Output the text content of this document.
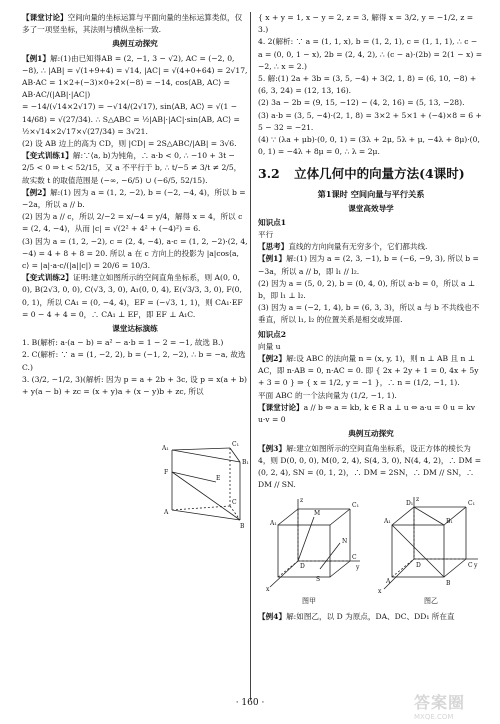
【课堂讨论】空间向量的坐标运算与平面向量的坐标运算类似，仅多了一项竖坐标，其法则与横纵坐标一致.

典例互动探究

【例1】解:(1)由已知得AB = (2, −1, 3 − √2), AC = (−2, 0, −8), ∴ |AB| = √(1+9+4) = √14, |AC| = √(4+0+64) = 2√17, AB·AC = 1×2+(−3)×0+2×(−8) = −14, cos⟨AB, AC⟩ = AB·AC/(|AB|·|AC|)

= −14/(√14×2√17) = −√14/(2√17), sin⟨AB, AC⟩ = √(1 − 14/68) = √(27/34). ∴ S△ABC = ½|AB|·|AC|·sin⟨AB, AC⟩ = ½×√14×2√17×√(27/34) = 3√21.

(2) 设 AB 边上的高为 CD，则 |CD| = 2S△ABC/|AB| = 3√6.

【变式训练1】解:∵⟨a, b⟩为钝角，∴ a·b < 0, ∴ −10 + 3t − 2/5 < 0 ⇒ t < 52/15，又 a 不平行于 b, ∴ t/−5 ≠ 3/t ≠ 2/5，故实数 t 的取值范围是 (−∞, −6/5) ∪ (−6/5, 52/15).

【例2】解:(1) 因为 a = (1, 2, −2), b = (−2, −4, 4)，所以 b = −2a，所以 a // b.

(2) 因为 a // c，所以 2/−2 = x/−4 = y/4，解得 x = 4，所以 c = (2, 4, −4)，从而 |c| = √(2² + 4² + (−4)²) = 6.

(3) 因为 a = (1, 2, −2), c = (2, 4, −4), a·c = (1, 2, −2)·(2, 4, −4) = 4 + 8 + 8 = 20. 所以 a 在 c 方向上的投影为 |a|cos⟨a, c⟩ = |a|·a·c/(|a||c|) = 20/6 = 10/3.

【变式训练2】证明:建立如图所示的空间直角坐标系，则 A(0, 0, 0), B(2√3, 0, 0), C(√3, 3, 0), A₁(0, 0, 4), E(√3/3, 3, 0), F(0, 0, 1)，所以 CA₁ = (0, −4, 4)，EF = (−√3, 1, 1)，则 CA₁·EF = 0 − 4 + 4 = 0，∴ CA₁ ⊥ EF，即 EF ⊥ A₁C.

课堂达标演练

1. B(解析: a·(a − b) = a² − a·b = 1 − 2 = −1, 故选 B.)

2. C(解析: ∵ a = (1, −2, 2), b = (−1, 2, −2), ∴ b = −a, 故选 C.)

3. (3/2, −1/2, 3)(解析: 因为 p = a + 2b + 3c, 设 p = x(a + b) + y(a − b) + zc = (x + y)a + (x − y)b + zc, 所以

A₁
C₁
B₁
E
F
A
C
B

{ x + y = 1, x − y = 2, z = 3, 解得 x = 3/2, y = −1/2, z = 3.)

4. 2(解析: ∵ a = (1, 1, x), b = (1, 2, 1), c = (1, 1, 1), ∴ c − a = (0, 0, 1 − x), 2b = (2, 4, 2), ∴ (c − a)·(2b) = 2(1 − x) = −2, ∴ x = 2.)

5. 解:(1) 2a + 3b = (3, 5, −4) + 3(2, 1, 8) = (6, 10, −8) + (6, 3, 24) = (12, 13, 16).

(2) 3a − 2b = (9, 15, −12) − (4, 2, 16) = (5, 13, −28).

(3) a·b = (3, 5, −4)·(2, 1, 8) = 3×2 + 5×1 + (−4)×8 = 6 + 5 − 32 = −21.

(4) ∵ (λa + μb)·(0, 0, 1) = (3λ + 2μ, 5λ + μ, −4λ + 8μ)·(0, 0, 1) = −4λ + 8μ = 0, ∴ λ = 2μ.

3.2 立体几何中的向量方法(4课时)
第1课时 空间向量与平行关系
课堂高效导学

知识点1

平行

【思考】直线的方向向量有无穷多个，它们都共线.

【例1】解:(1) 因为 a = (2, 3, −1), b = (−6, −9, 3), 所以 b = −3a，所以 a // b，即 l₁ // l₂.

(2) 因为 a = (5, 0, 2), b = (0, 4, 0), 所以 a·b = 0，所以 a ⊥ b，即 l₁ ⊥ l₂.

(3) 因为 a = (−2, 1, 4), b = (6, 3, 3)，所以 a 与 b 不共线也不垂直，所以 l₁, l₂ 的位置关系是相交或异面.

知识点2

向量 u

【例2】解:设 ABC 的法向量 n = (x, y, 1)，则 n ⊥ AB 且 n ⊥ AC，即 n·AB = 0, n·AC = 0. 即 { 2x + 2y + 1 = 0, 4x + 5y + 3 = 0 } ⇒ { x = 1/2, y = −1 }，∴ n = (1/2, −1, 1).

平面 ABC 的一个法向量为 (1/2, −1, 1).

【课堂讨论】a // b ⇔ a = kb, k ∈ R a ⊥ u ⇔ a·u = 0 u = kv u·v = 0

典例互动探究

【例3】解:建立如图所示的空间直角坐标系，设正方体的棱长为 4，则 D(0, 0, 0), M(0, 2, 4), S(4, 3, 0), N(4, 4, 2)，∴ DM = (0, 2, 4), SN = (0, 1, 2)，∴ DM = 2SN，∴ DM // SN，∴ DM // SN.

z
y
x
M
N
D
S
A₁
C₁
C
图甲
z
y
x
A₁
D₁	C₁
B₁
D	C
A	B
图乙

【例4】解:如图乙，以 D 为原点，DA、DC、DD₁ 所在直

· 160 ·	答案圈
MXQE.COM
